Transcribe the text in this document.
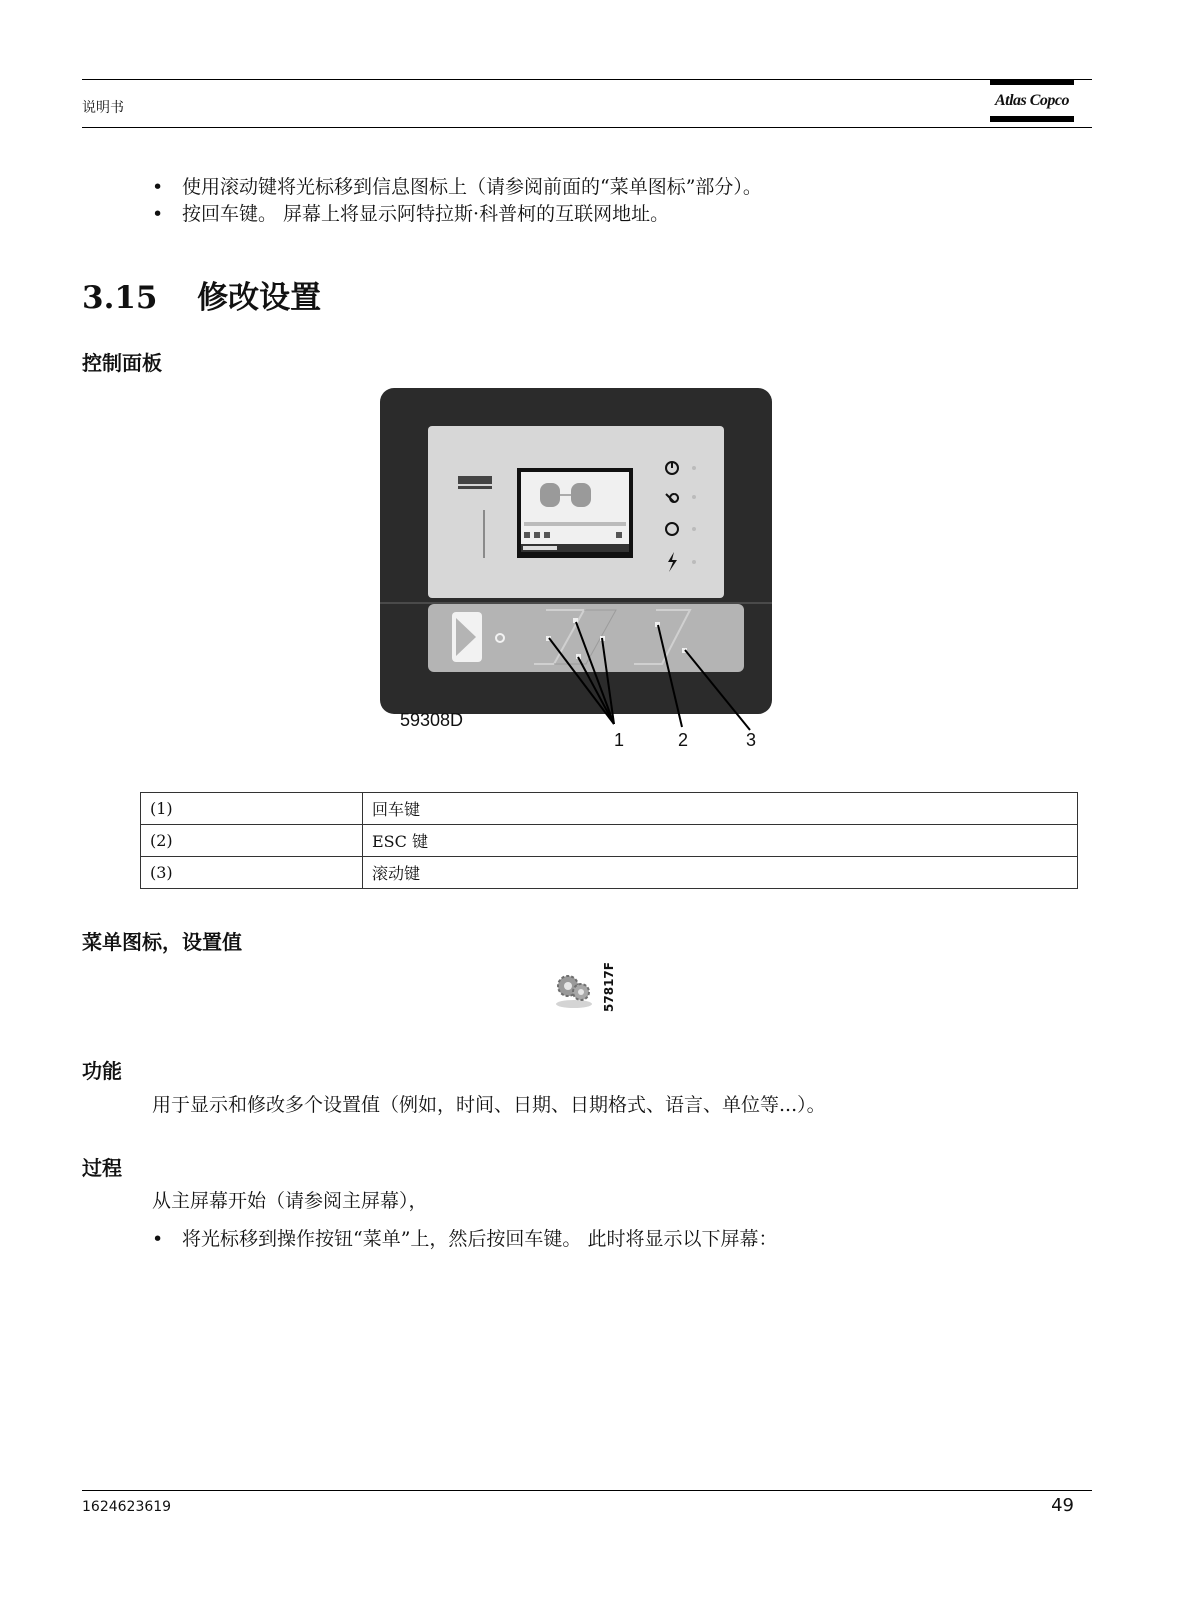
说明书	Atlas Copco
• 使用滚动键将光标移到信息图标上（请参阅前面的“菜单图标”部分）。
• 按回车键。 屏幕上将显示阿特拉斯·科普柯的互联网地址。
3.15 修改设置
控制面板
59308D
1	2	3
(1)	回车键
(2)	ESC 键
(3)	滚动键
菜单图标，设置值
57817F
功能
用于显示和修改多个设置值（例如，时间、日期、日期格式、语言、单位等...）。
过程
从主屏幕开始（请参阅主屏幕），
• 将光标移到操作按钮“菜单”上，然后按回车键。 此时将显示以下屏幕：
1624623619	49
